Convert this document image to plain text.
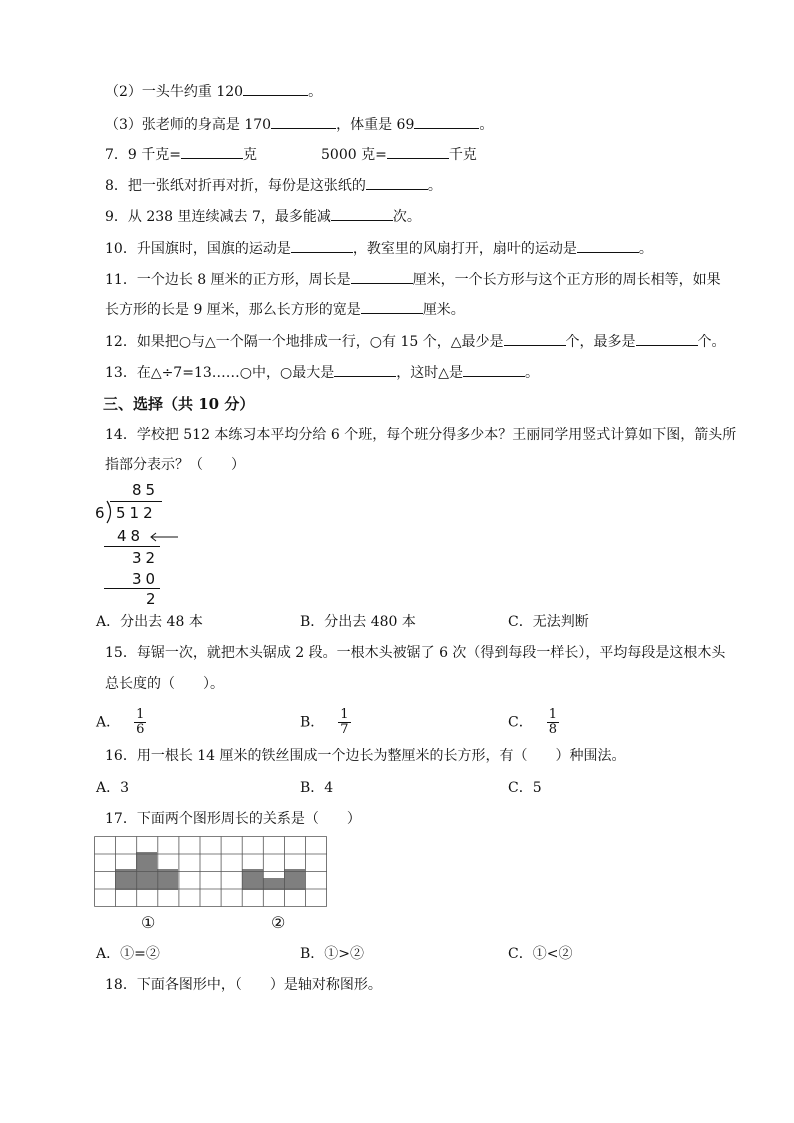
（2）一头牛约重 120	。
（3）张老师的身高是 170	，体重是 69	。
7．9 千克=	克	5000 克=	千克
8．把一张纸对折再对折，每份是这张纸的	。
9．从 238 里连续减去 7，最多能减	次。
10．升国旗时，国旗的运动是	，教室里的风扇打开，扇叶的运动是	。
11．一个边长 8 厘米的正方形，周长是	厘米，一个长方形与这个正方形的周长相等，如果
长方形的长是 9 厘米，那么长方形的宽是	厘米。
12．如果把○与△一个隔一个地排成一行，○有 15 个，△最少是	个，最多是	个。
13．在△÷7=13……○中，○最大是	，这时△是	。
三、选择（共 10 分）
14．学校把 512 本练习本平均分给 6 个班，每个班分得多少本？王丽同学用竖式计算如下图，箭头所
指部分表示？（　　）
85
6 512
48
32
30
2
A．分出去 48 本	B．分出去 480 本	C．无法判断
15．每锯一次，就把木头锯成 2 段。一根木头被锯了 6 次（得到每段一样长），平均每段是这根木头
总长度的（　　）。
A． $\frac{1}{6}$	B． $\frac{1}{7}$	C． $\frac{1}{8}$
16．用一根长 14 厘米的铁丝围成一个边长为整厘米的长方形，有（　　）种围法。
A．3	B．4	C．5
17．下面两个图形周长的关系是（　　）
①	②
A．①=②	B．①>②	C．①<②
18．下面各图形中，（　　）是轴对称图形。
